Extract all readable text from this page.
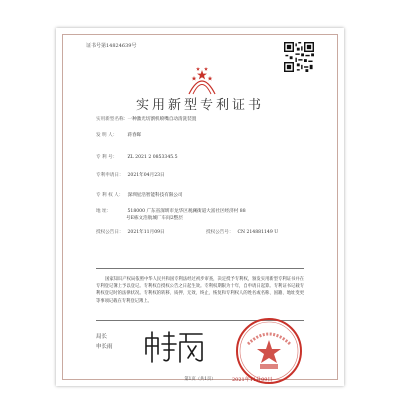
证书号第14824639号
实用新型专利证书
实用新型名称： 一种激光切割机喷嘴自动清洗装置
发 明 人： 蒋春晖
专 利 号： ZL 2021 2 0853345.5
专利申请日： 2021年04月23日
专 利 权 人： 深圳星浩智能科技有限公司
地 址：	518000 广东省深圳市龙华区观澜街道大富社区经济村 88
号E栋文浩航城厂车间2整层
授权公告日： 2021年11月09日	授权公告号： CN 214881149 U
国家知识产权局依照中华人民共和国专利法经过初步审查，决定授予专利权，颁发实用新型专利证书并在专利登记簿上予以登记。专利权自授权公告之日起生效。专利权期限为十年，自申请日起算。专利证书记载专利权登记时的法律状况。专利权的转移、质押、无效、终止、恢复和专利权人的姓名或名称、国籍、地址变更等事项记载在专利登记簿上。
局长
申长雨
2021年11月09日
第1页（共1页）
